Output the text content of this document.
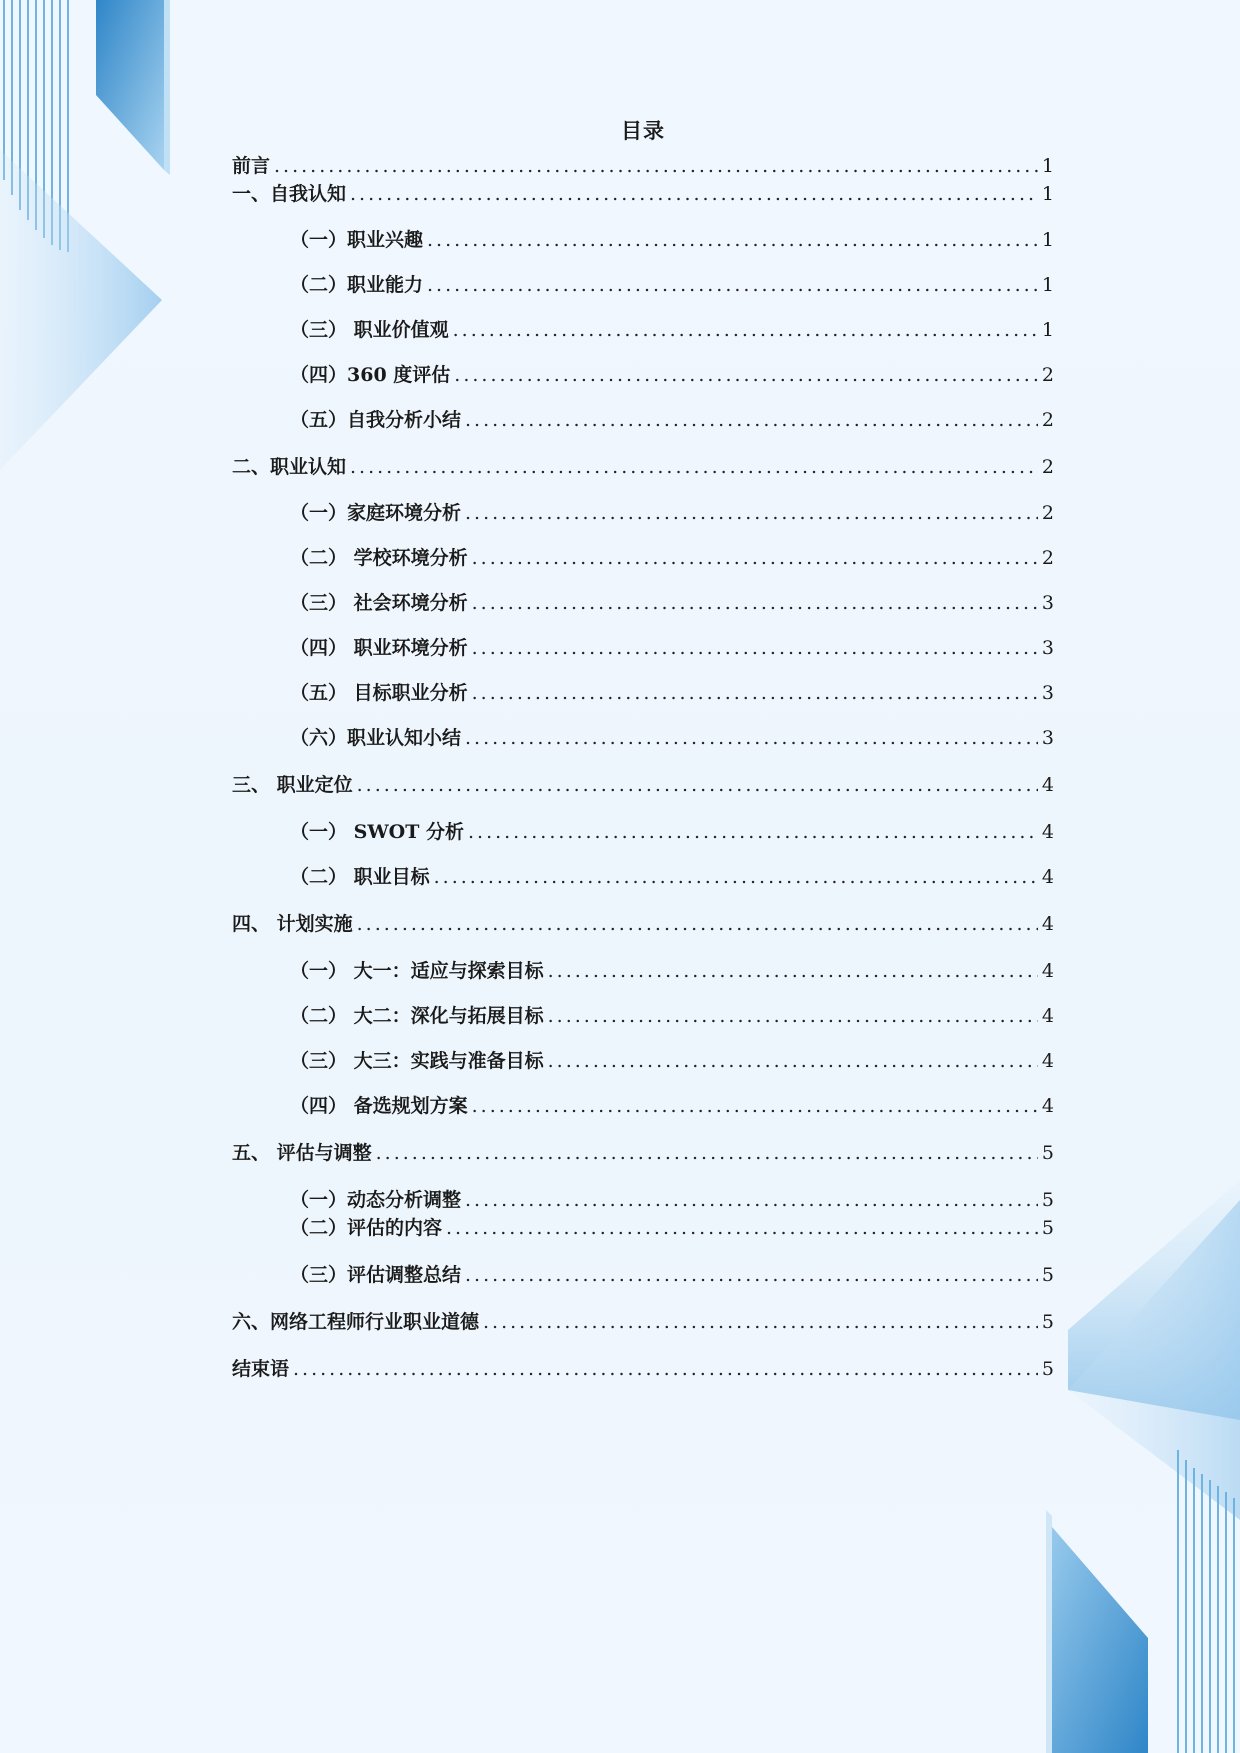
目录
前言 .....	1
一、自我认知 .....	1
（一）职业兴趣 .....	1
（二）职业能力 .....	1
（三） 职业价值观 .....	1
（四）360 度评估 .....	2
（五）自我分析小结 .....	2
二、职业认知 .....	2
（一）家庭环境分析 .....	2
（二） 学校环境分析 .....	2
（三） 社会环境分析 .....	3
（四） 职业环境分析 .....	3
（五） 目标职业分析 .....	3
（六）职业认知小结 .....	3
三、 职业定位 .....	4
（一） SWOT 分析 .....	4
（二） 职业目标 .....	4
四、 计划实施 .....	4
（一） 大一：适应与探索目标 .....	4
（二） 大二：深化与拓展目标 .....	4
（三） 大三：实践与准备目标 .....	4
（四） 备选规划方案 .....	4
五、 评估与调整 .....	5
（一）动态分析调整 .....	5
（二）评估的内容 .....	5
（三）评估调整总结 .....	5
六、网络工程师行业职业道德 .....	5
结束语 .....	5
